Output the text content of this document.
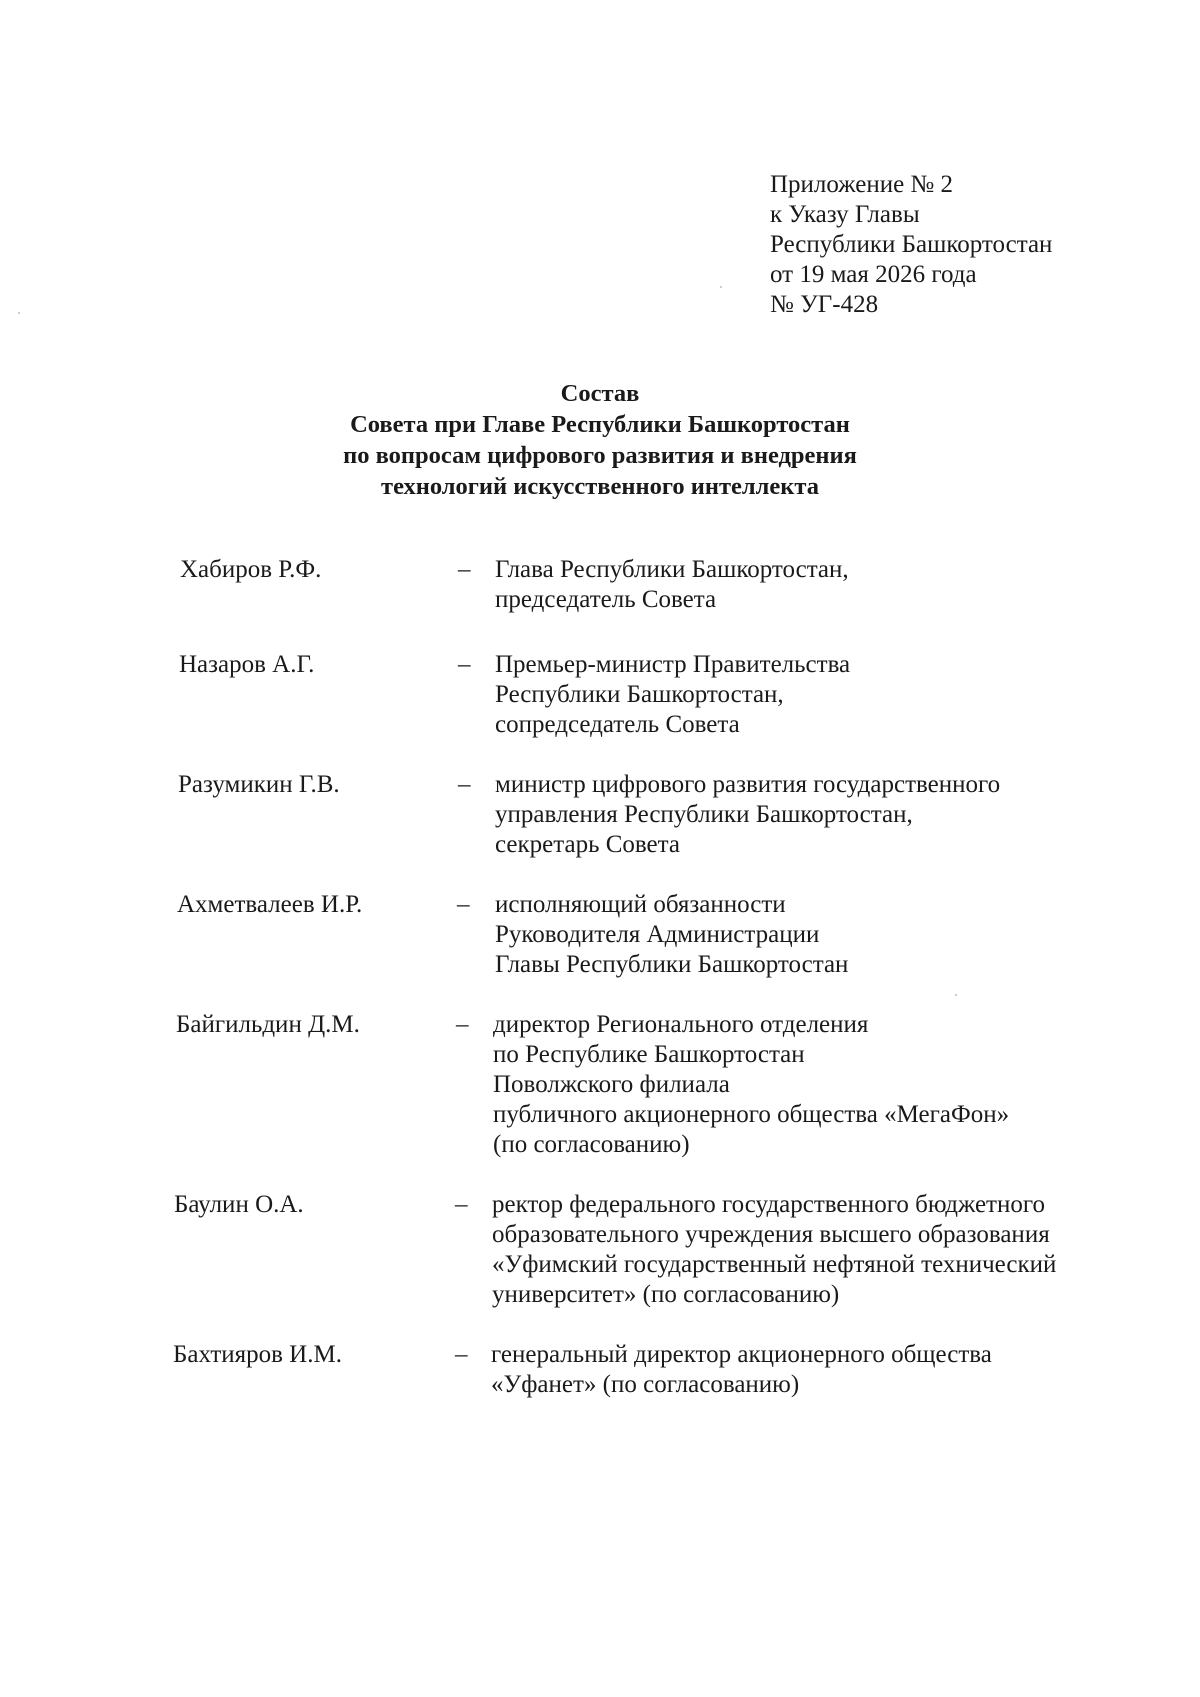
Приложение № 2
к Указу Главы
Республики Башкортостан
от 19 мая 2026 года
№ УГ-428
Состав
Совета при Главе Республики Башкортостан
по вопросам цифрового развития и внедрения
технологий искусственного интеллекта
Хабиров Р.Ф.	– Глава Республики Башкортостан,
председатель Совета
Назаров А.Г.	– Премьер-министр Правительства
Республики Башкортостан,
сопредседатель Совета
Разумикин Г.В.	– министр цифрового развития государственного
управления Республики Башкортостан,
секретарь Совета
Ахметвалеев И.Р.	– исполняющий обязанности
Руководителя Администрации
Главы Республики Башкортостан
Байгильдин Д.М.	– директор Регионального отделения
по Республике Башкортостан
Поволжского филиала
публичного акционерного общества «МегаФон»
(по согласованию)
Баулин О.А.	– ректор федерального государственного бюджетного
образовательного учреждения высшего образования
«Уфимский государственный нефтяной технический
университет» (по согласованию)
Бахтияров И.М.	– генеральный директор акционерного общества
«Уфанет» (по согласованию)
